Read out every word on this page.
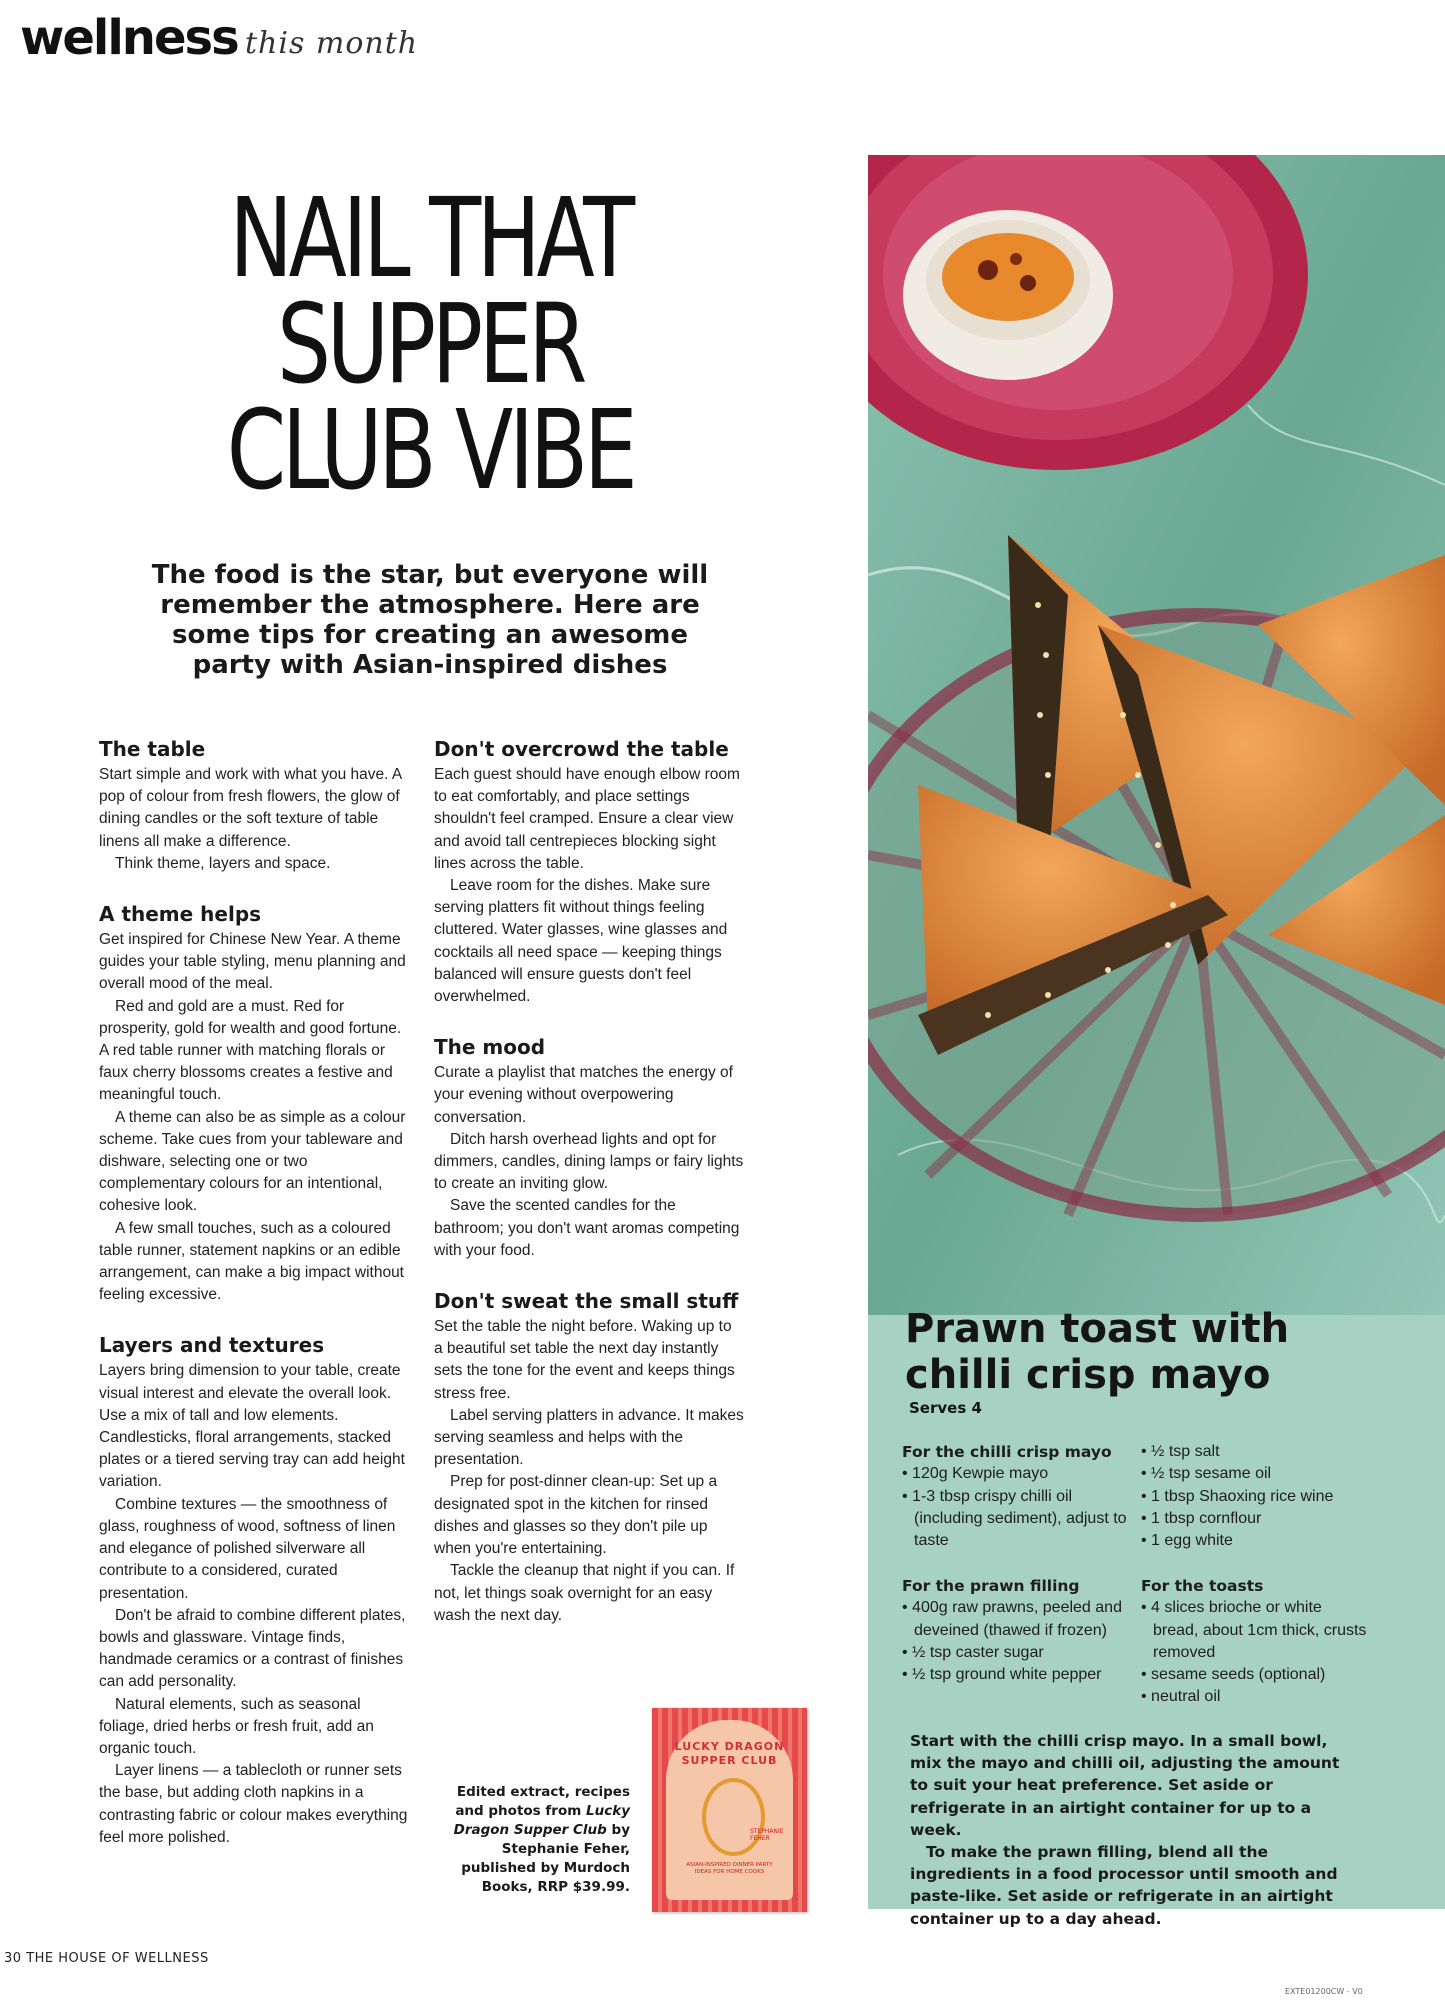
wellness this month
NAIL THAT
SUPPER
CLUB VIBE
The food is the star, but everyone will remember the atmosphere. Here are some tips for creating an awesome party with Asian-inspired dishes
The table

Start simple and work with what you have. A pop of colour from fresh flowers, the glow of dining candles or the soft texture of table linens all make a difference.

Think theme, layers and space.

A theme helps

Get inspired for Chinese New Year. A theme guides your table styling, menu planning and overall mood of the meal.

Red and gold are a must. Red for prosperity, gold for wealth and good fortune. A red table runner with matching florals or faux cherry blossoms creates a festive and meaningful touch.

A theme can also be as simple as a colour scheme. Take cues from your tableware and dishware, selecting one or two complementary colours for an intentional, cohesive look.

A few small touches, such as a coloured table runner, statement napkins or an edible arrangement, can make a big impact without feeling excessive.

Layers and textures

Layers bring dimension to your table, create visual interest and elevate the overall look. Use a mix of tall and low elements. Candlesticks, floral arrangements, stacked plates or a tiered serving tray can add height variation.

Combine textures — the smoothness of glass, roughness of wood, softness of linen and elegance of polished silverware all contribute to a considered, curated presentation.

Don't be afraid to combine different plates, bowls and glassware. Vintage finds, handmade ceramics or a contrast of finishes can add personality.

Natural elements, such as seasonal foliage, dried herbs or fresh fruit, add an organic touch.

Layer linens — a tablecloth or runner sets the base, but adding cloth napkins in a contrasting fabric or colour makes everything feel more polished.

Don't overcrowd the table

Each guest should have enough elbow room to eat comfortably, and place settings shouldn't feel cramped. Ensure a clear view and avoid tall centrepieces blocking sight lines across the table.

Leave room for the dishes. Make sure serving platters fit without things feeling cluttered. Water glasses, wine glasses and cocktails all need space — keeping things balanced will ensure guests don't feel overwhelmed.

The mood

Curate a playlist that matches the energy of your evening without overpowering conversation.

Ditch harsh overhead lights and opt for dimmers, candles, dining lamps or fairy lights to create an inviting glow.

Save the scented candles for the bathroom; you don't want aromas competing with your food.

Don't sweat the small stuff

Set the table the night before. Waking up to a beautiful set table the next day instantly sets the tone for the event and keeps things stress free.

Label serving platters in advance. It makes serving seamless and helps with the presentation.

Prep for post-dinner clean-up: Set up a designated spot in the kitchen for rinsed dishes and glasses so they don't pile up when you're entertaining.

Tackle the cleanup that night if you can. If not, let things soak overnight for an easy wash the next day.

Edited extract, recipes and photos from Lucky Dragon Supper Club by Stephanie Feher, published by Murdoch Books, RRP $39.99.
LUCKY DRAGON SUPPER CLUB
STEPHANIE FEHER
ASIAN-INSPIRED DINNER PARTY IDEAS FOR HOME COOKS
Prawn toast with
chilli crisp mayo
Serves 4
For the chilli crisp mayo
• 120g Kewpie mayo
• 1-3 tbsp crispy chilli oil (including sediment), adjust to taste
• ½ tsp salt
• ½ tsp sesame oil
• 1 tbsp Shaoxing rice wine
• 1 tbsp cornflour
• 1 egg white
For the prawn filling
• 400g raw prawns, peeled and deveined (thawed if frozen)
• ½ tsp caster sugar
• ½ tsp ground white pepper
For the toasts
• 4 slices brioche or white bread, about 1cm thick, crusts removed
• sesame seeds (optional)
• neutral oil

Start with the chilli crisp mayo. In a small bowl, mix the mayo and chilli oil, adjusting the amount to suit your heat preference. Set aside or refrigerate in an airtight container for up to a week.

To make the prawn filling, blend all the ingredients in a food processor until smooth and paste-like. Set aside or refrigerate in an airtight container up to a day ahead.

30 THE HOUSE OF WELLNESS
EXTE01200CW - V0
